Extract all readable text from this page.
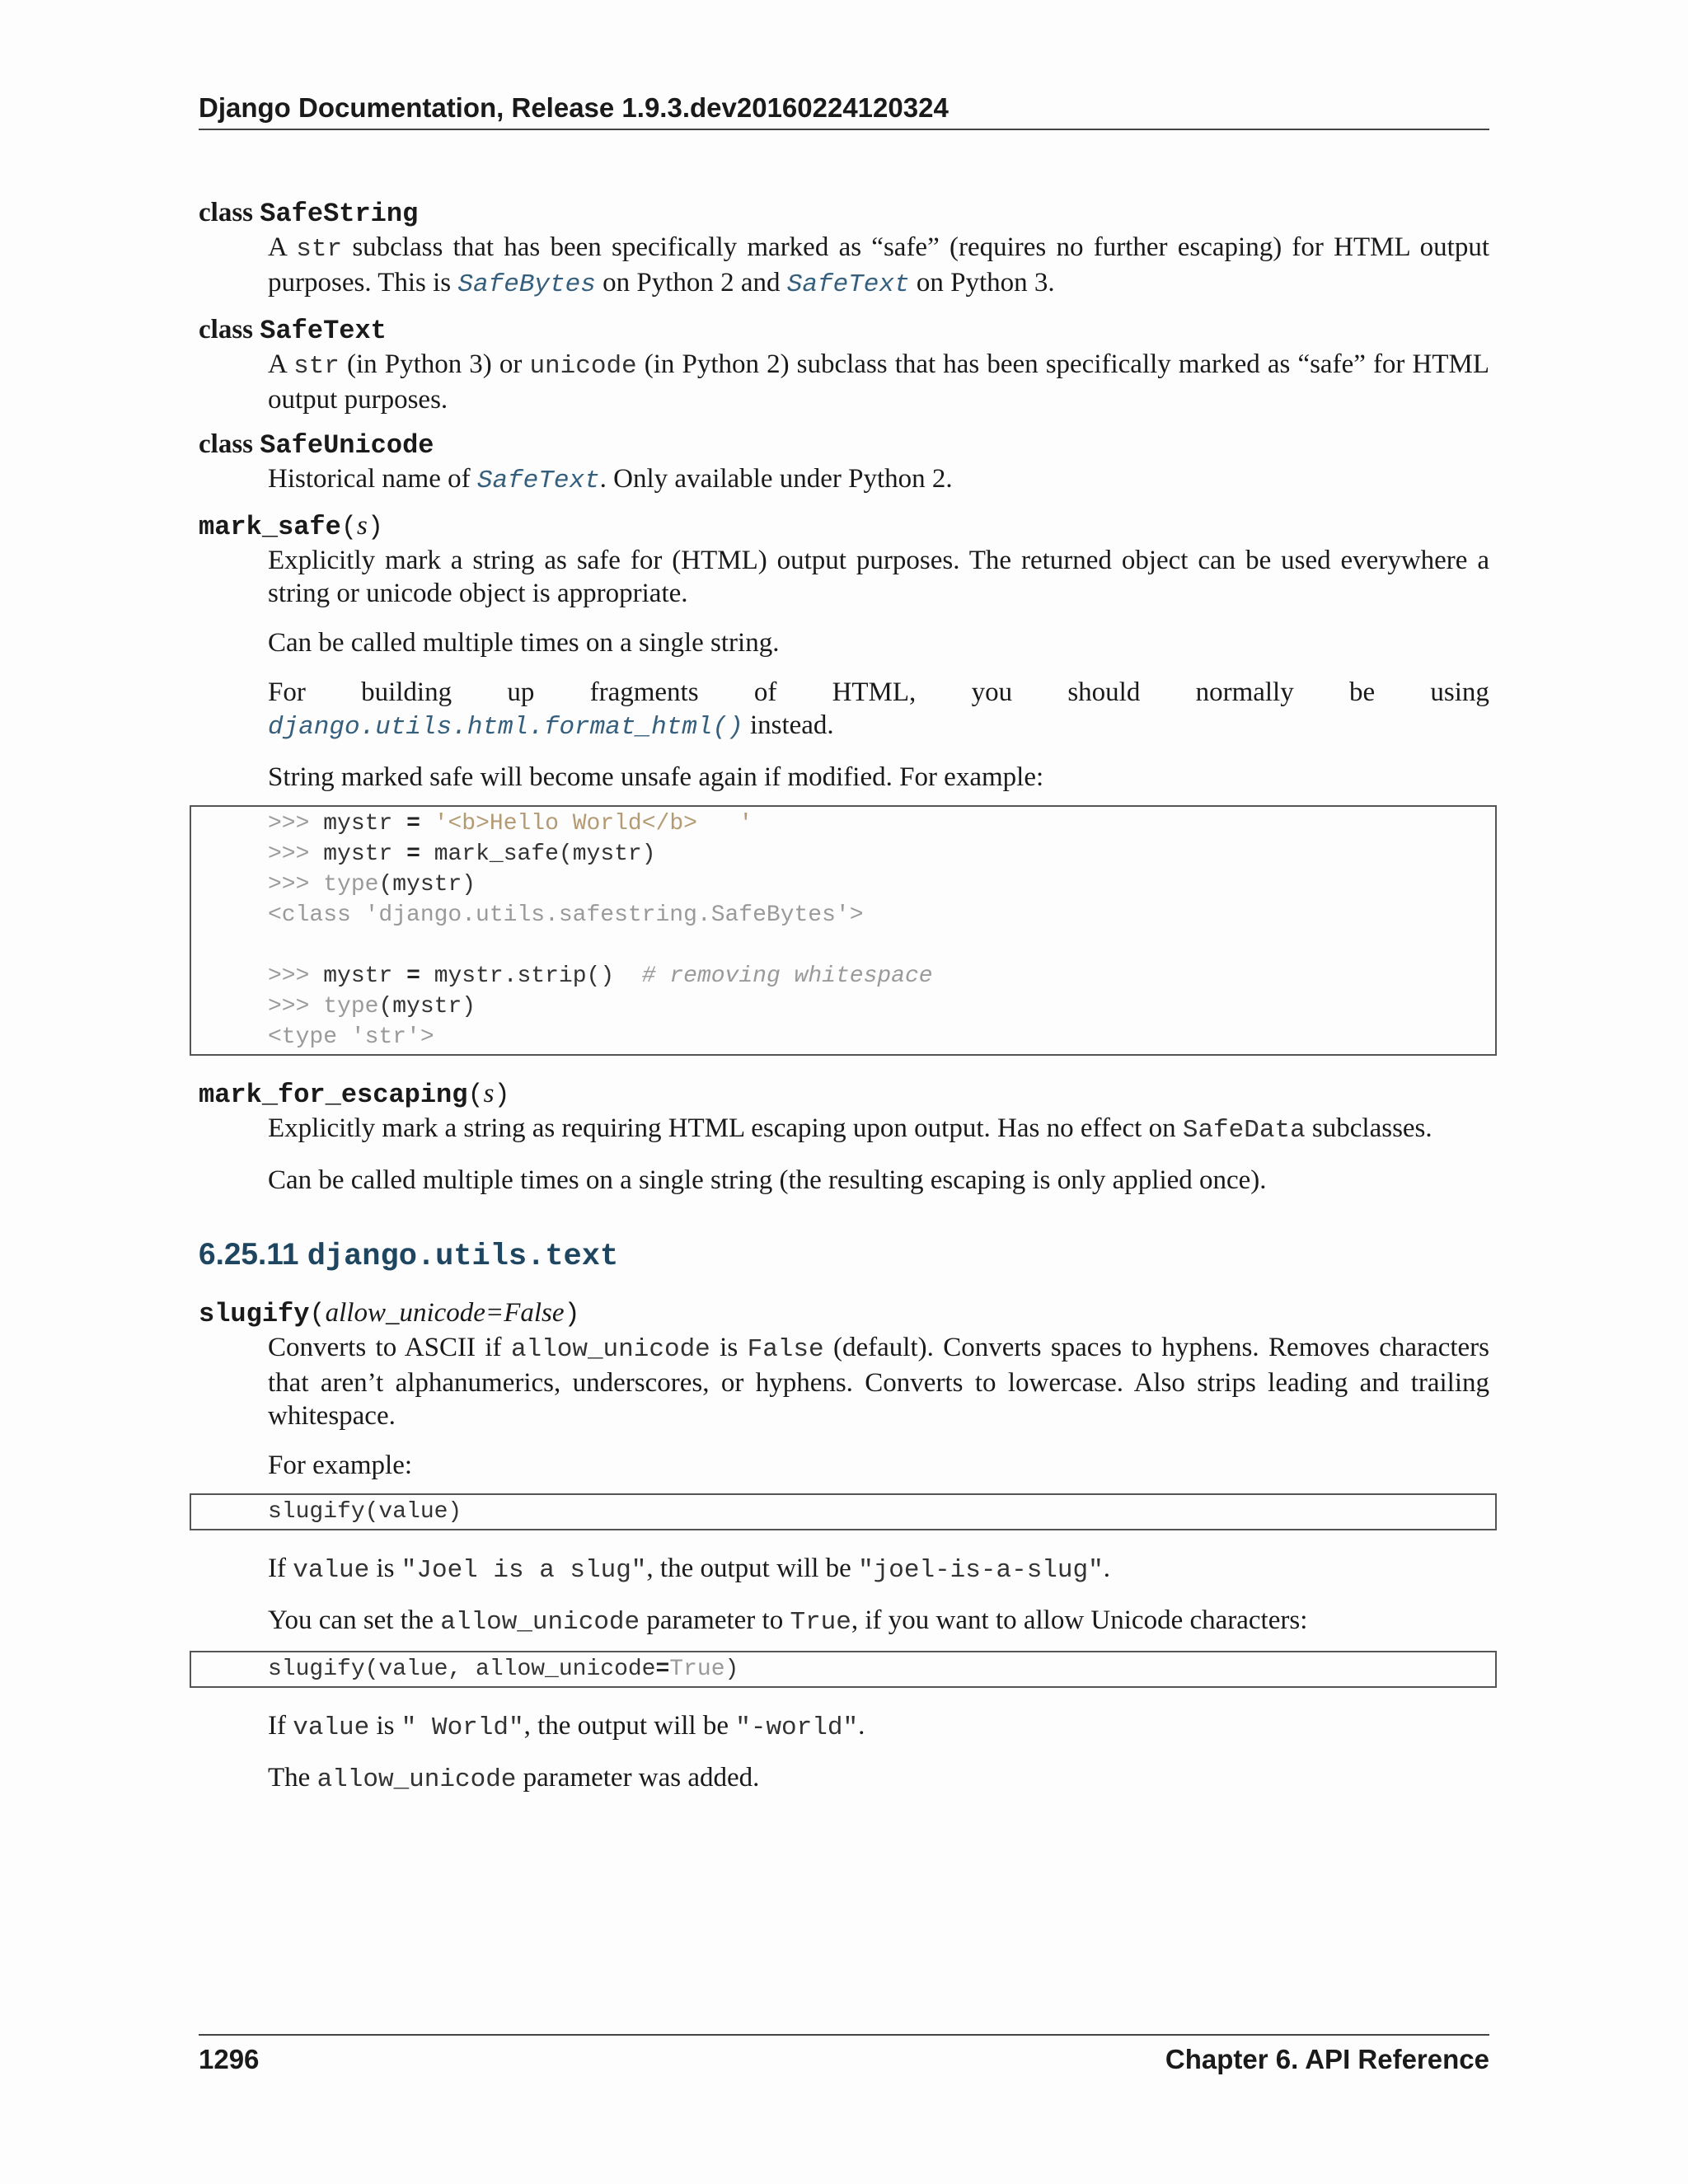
Django Documentation, Release 1.9.3.dev20160224120324

class SafeString

A str subclass that has been specifically marked as “safe” (requires no further escaping) for HTML output purposes. This is SafeBytes on Python 2 and SafeText on Python 3.

class SafeText

A str (in Python 3) or unicode (in Python 2) subclass that has been specifically marked as “safe” for HTML output purposes.

class SafeUnicode

Historical name of SafeText. Only available under Python 2.

mark_safe(s)

Explicitly mark a string as safe for (HTML) output purposes. The returned object can be used everywhere a string or unicode object is appropriate.

Can be called multiple times on a single string.

For building up fragments of HTML, you should normally be using
django.utils.html.format_html() instead.

String marked safe will become unsafe again if modified. For example:

>>> mystr = '<b>Hello World</b>   '
>>> mystr = mark_safe(mystr)
>>> type(mystr)
<class 'django.utils.safestring.SafeBytes'>

>>> mystr = mystr.strip() # removing whitespace
>>> type(mystr)
<type 'str'>

mark_for_escaping(s)

Explicitly mark a string as requiring HTML escaping upon output. Has no effect on SafeData subclasses.

Can be called multiple times on a single string (the resulting escaping is only applied once).

6.25.11 django.utils.text

slugify(allow_unicode=False)

Converts to ASCII if allow_unicode is False (default). Converts spaces to hyphens. Removes characters that aren’t alphanumerics, underscores, or hyphens. Converts to lowercase. Also strips leading and trailing whitespace.

For example:

slugify(value)

If value is "Joel is a slug", the output will be "joel-is-a-slug".

You can set the allow_unicode parameter to True, if you want to allow Unicode characters:

slugify(value, allow_unicode=True)

If value is " World", the output will be "-world".

The allow_unicode parameter was added.

1296	Chapter 6. API Reference
